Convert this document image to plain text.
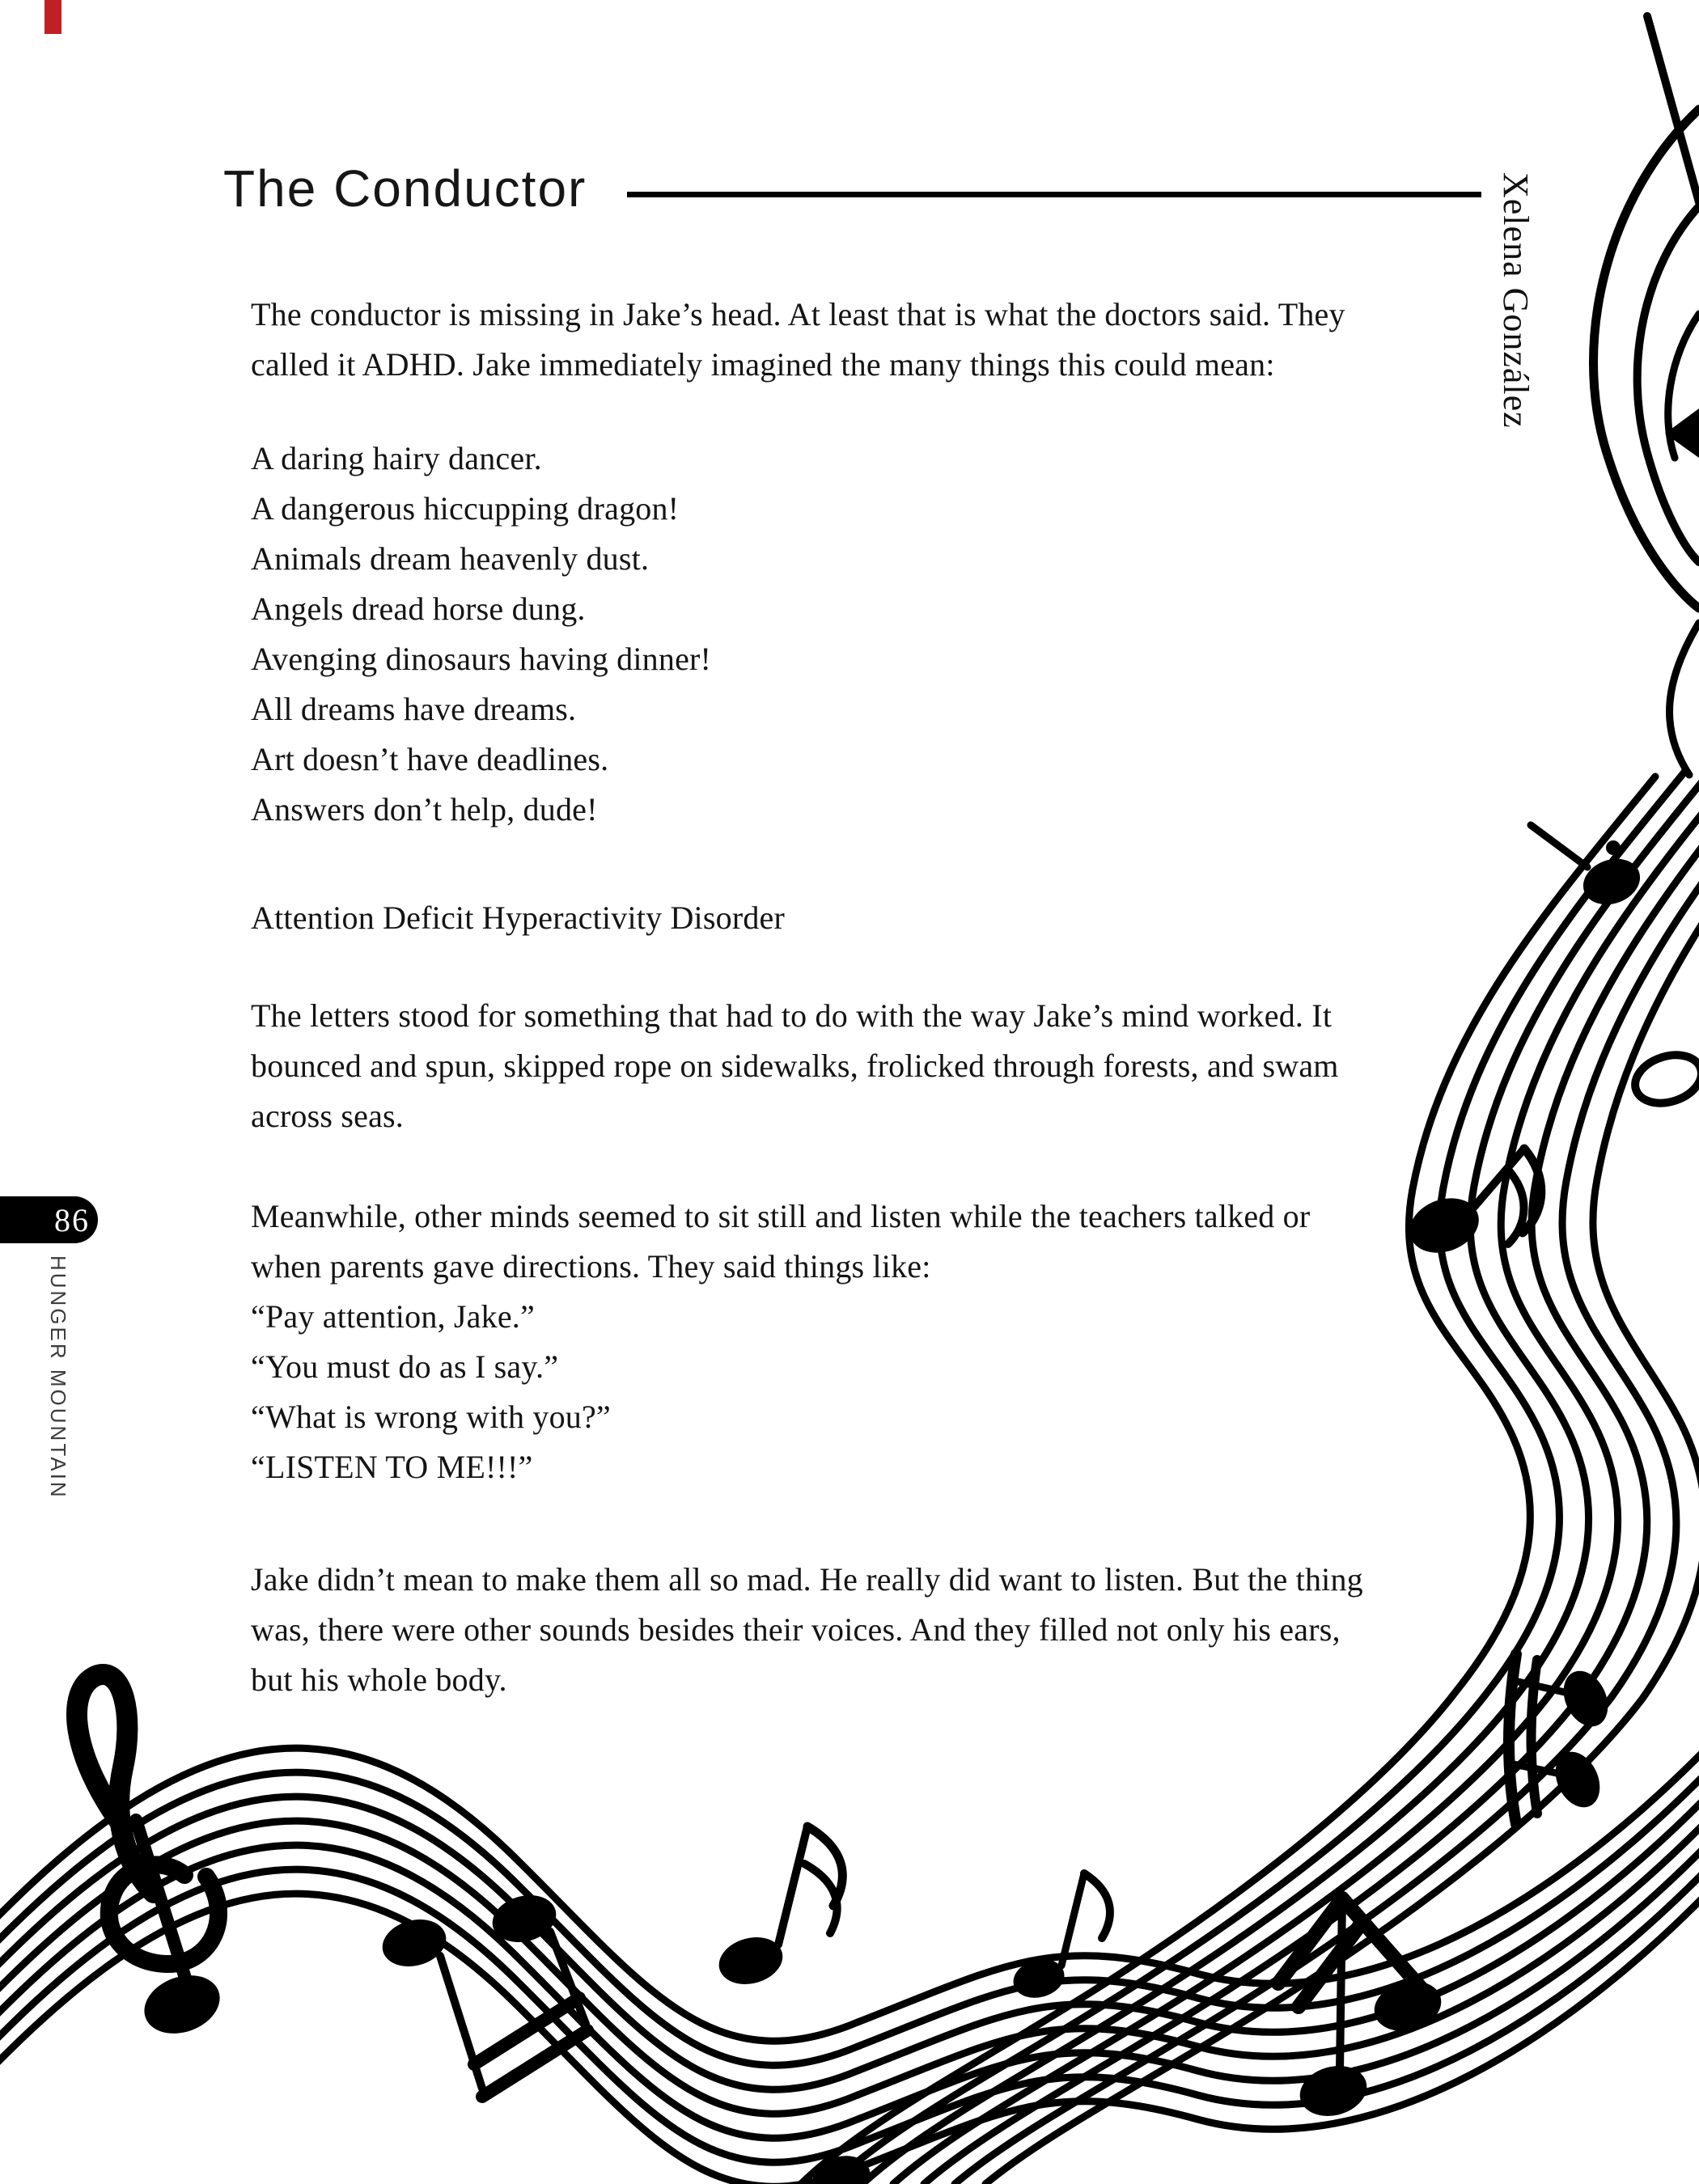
The Conductor	Xelena González
86
HUNGER MOUNTAIN
The conductor is missing in Jake’s head. At least that is what the doctors said. They
called it ADHD. Jake immediately imagined the many things this could mean:
A daring hairy dancer.
A dangerous hiccupping dragon!
Animals dream heavenly dust.
Angels dread horse dung.
Avenging dinosaurs having dinner!
All dreams have dreams.
Art doesn’t have deadlines.
Answers don’t help, dude!
Attention Deficit Hyperactivity Disorder
The letters stood for something that had to do with the way Jake’s mind worked. It
bounced and spun, skipped rope on sidewalks, frolicked through forests, and swam
across seas.
Meanwhile, other minds seemed to sit still and listen while the teachers talked or
when parents gave directions. They said things like:
“Pay attention, Jake.”
“You must do as I say.”
“What is wrong with you?”
“LISTEN TO ME!!!”
Jake didn’t mean to make them all so mad. He really did want to listen. But the thing
was, there were other sounds besides their voices. And they filled not only his ears,
but his whole body.
